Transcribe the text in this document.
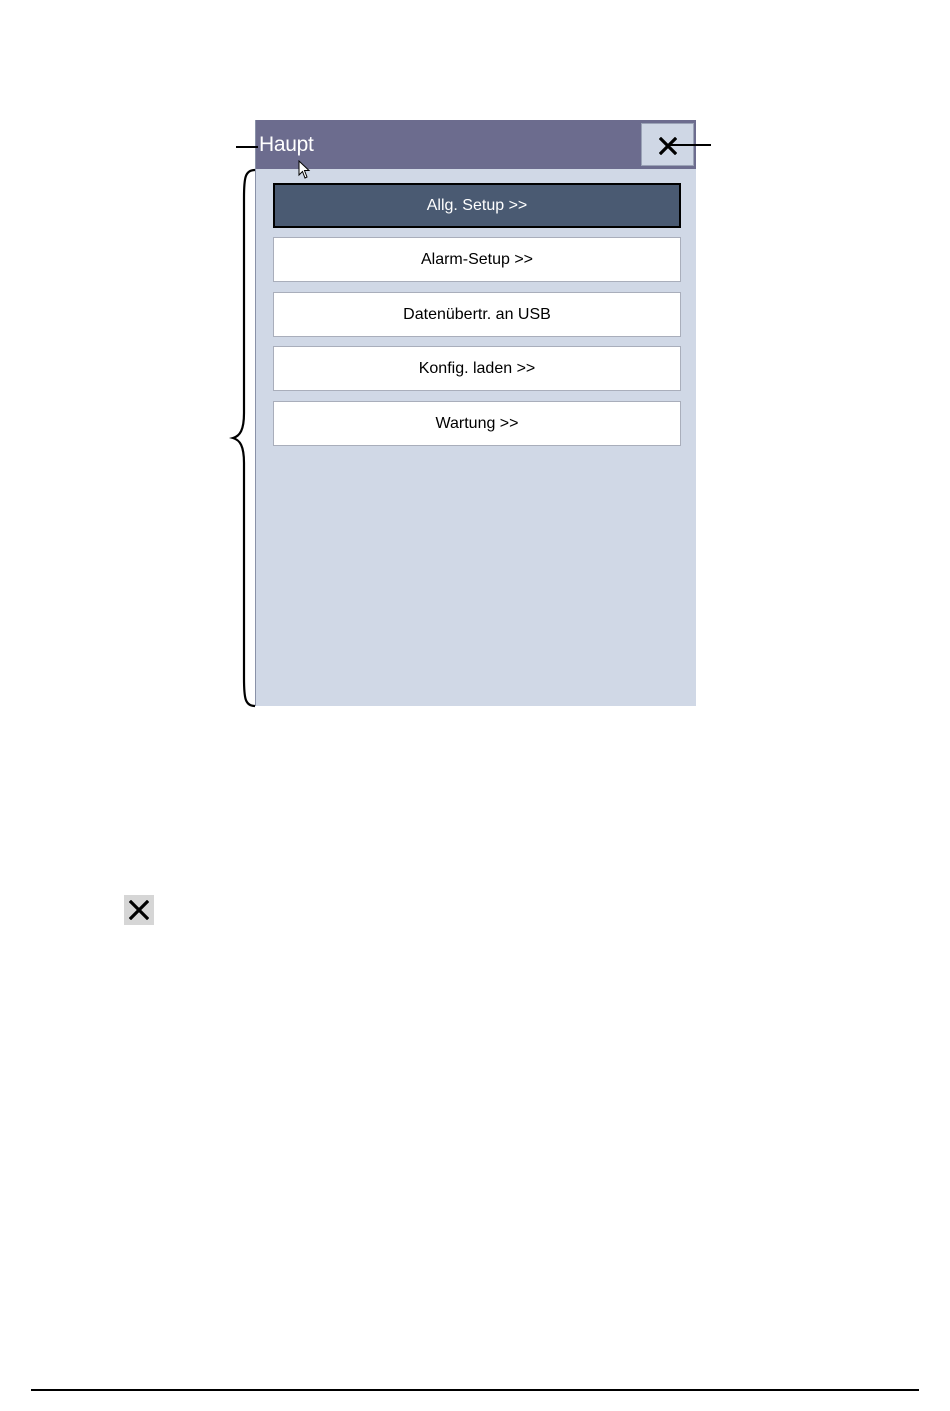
Haupt
Allg. Setup >>
Alarm-Setup >>
Datenübertr. an USB
Konfig. laden >>
Wartung >>
